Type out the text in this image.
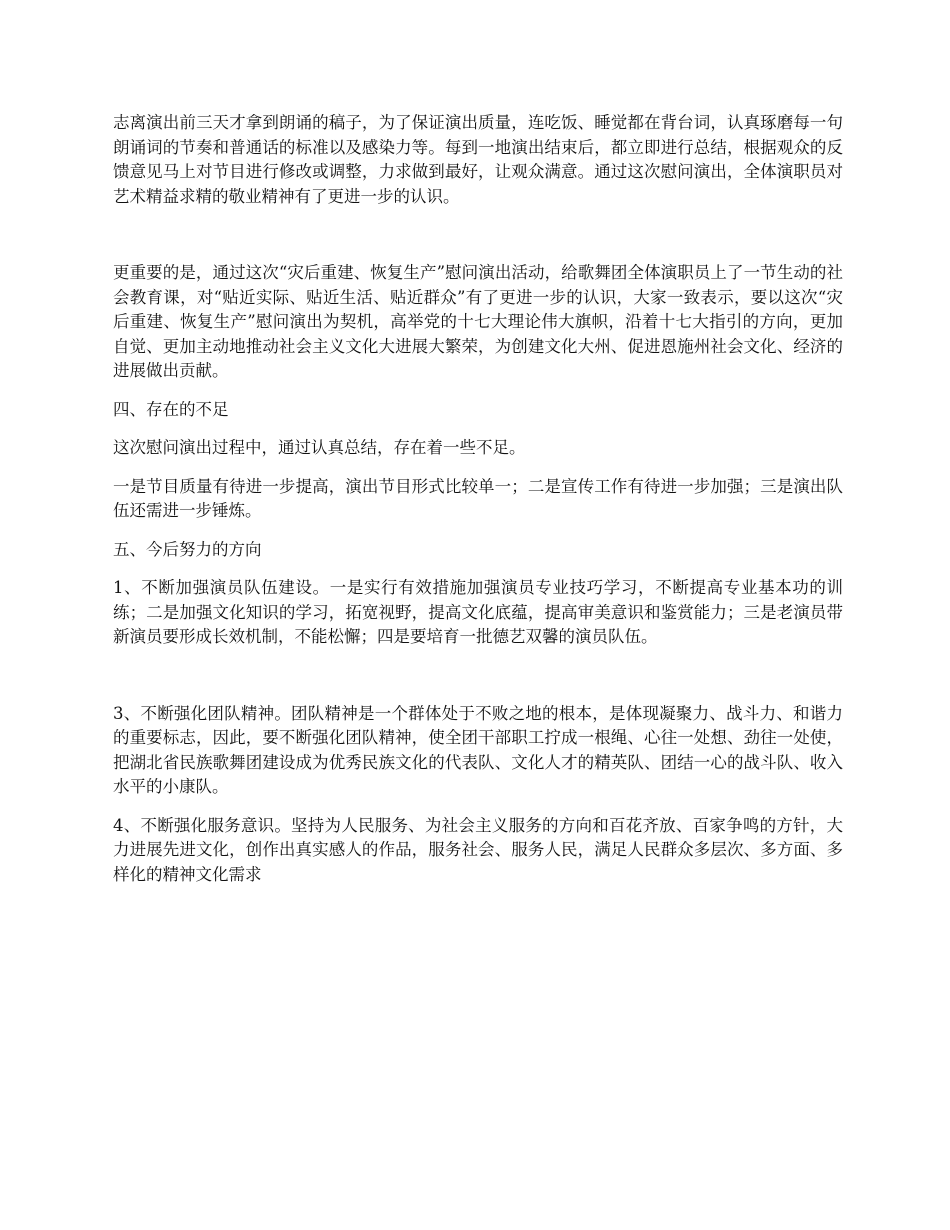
志离演出前三天才拿到朗诵的稿子，为了保证演出质量，连吃饭、睡觉都在背台词，认真琢磨每一句朗诵词的节奏和普通话的标准以及感染力等。每到一地演出结束后，都立即进行总结，根据观众的反馈意见马上对节目进行修改或调整，力求做到最好，让观众满意。通过这次慰问演出，全体演职员对艺术精益求精的敬业精神有了更进一步的认识。

更重要的是，通过这次“灾后重建、恢复生产”慰问演出活动，给歌舞团全体演职员上了一节生动的社会教育课，对“贴近实际、贴近生活、贴近群众”有了更进一步的认识，大家一致表示，要以这次“灾后重建、恢复生产”慰问演出为契机，高举党的十七大理论伟大旗帜，沿着十七大指引的方向，更加自觉、更加主动地推动社会主义文化大进展大繁荣，为创建文化大州、促进恩施州社会文化、经济的进展做出贡献。

四、存在的不足

这次慰问演出过程中，通过认真总结，存在着一些不足。

一是节目质量有待进一步提高，演出节目形式比较单一；二是宣传工作有待进一步加强；三是演出队伍还需进一步锤炼。

五、今后努力的方向

1、不断加强演员队伍建设。一是实行有效措施加强演员专业技巧学习，不断提高专业基本功的训练；二是加强文化知识的学习，拓宽视野，提高文化底蕴，提高审美意识和鉴赏能力；三是老演员带新演员要形成长效机制，不能松懈；四是要培育一批德艺双馨的演员队伍。

3、不断强化团队精神。团队精神是一个群体处于不败之地的根本，是体现凝聚力、战斗力、和谐力的重要标志，因此，要不断强化团队精神，使全团干部职工拧成一根绳、心往一处想、劲往一处使，把湖北省民族歌舞团建设成为优秀民族文化的代表队、文化人才的精英队、团结一心的战斗队、收入水平的小康队。

4、不断强化服务意识。坚持为人民服务、为社会主义服务的方向和百花齐放、百家争鸣的方针，大力进展先进文化，创作出真实感人的作品，服务社会、服务人民，满足人民群众多层次、多方面、多样化的精神文化需求
